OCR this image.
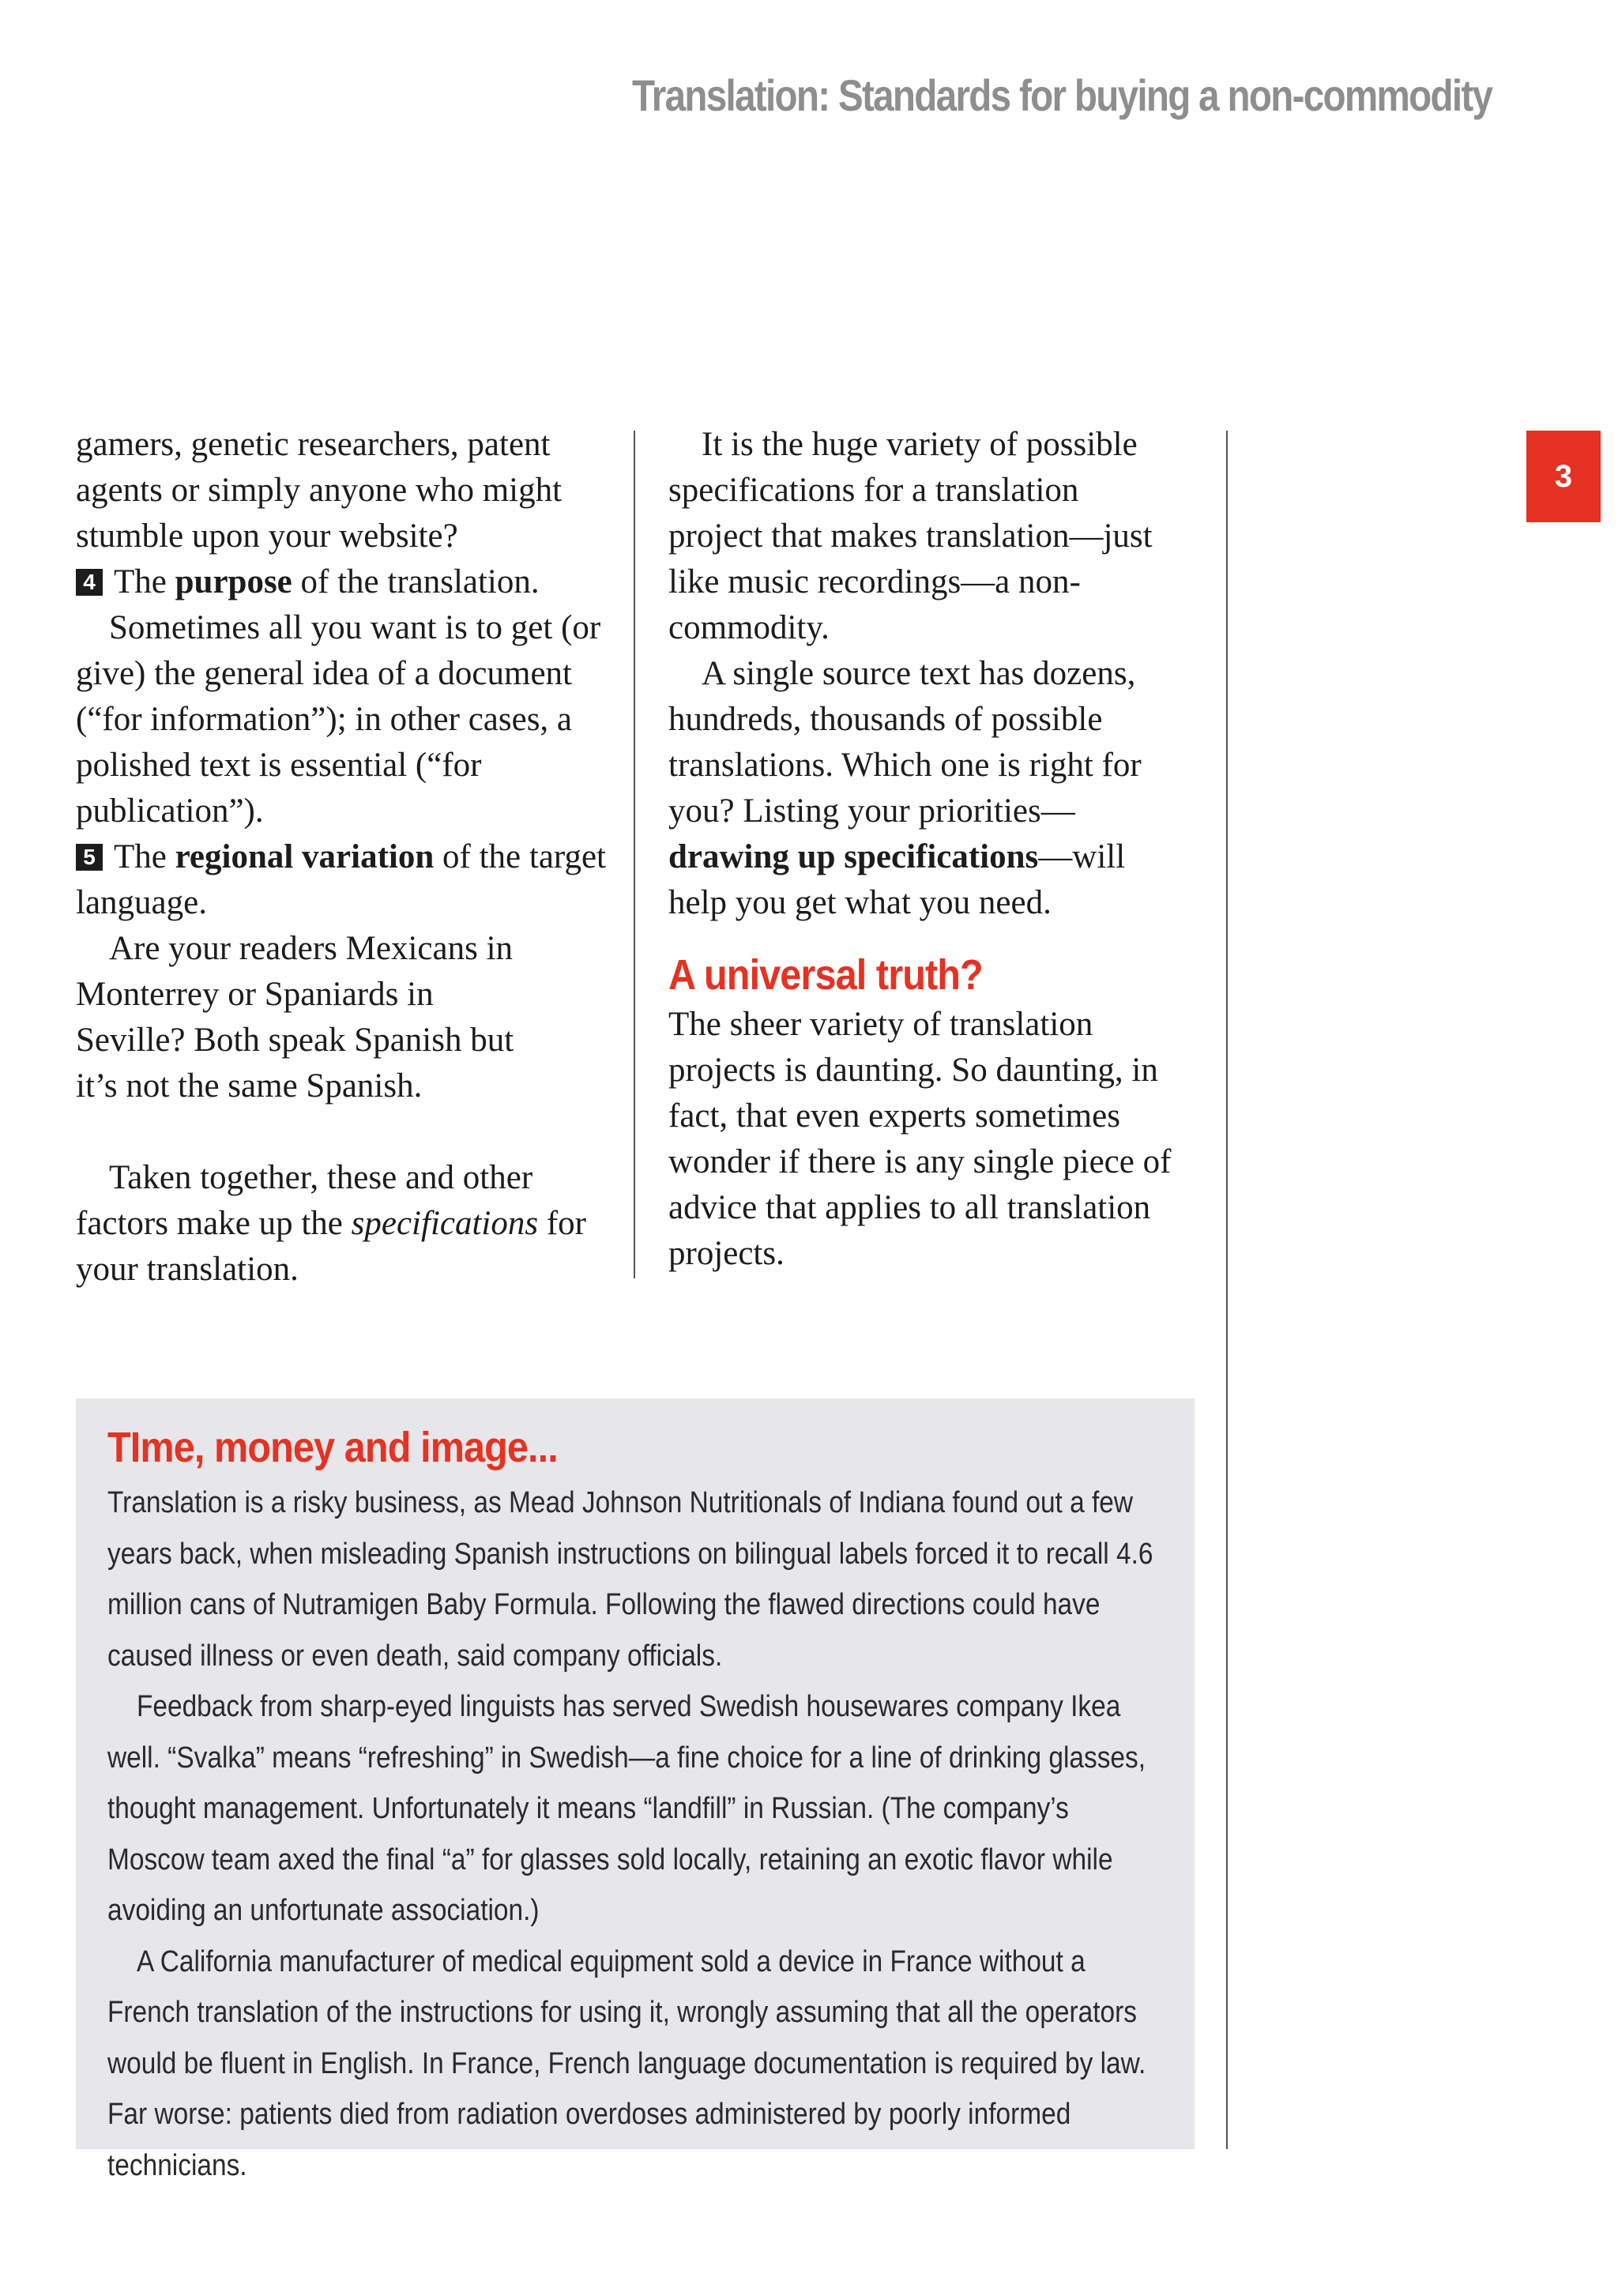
Translation: Standards for buying a non-commodity
3

gamers, genetic researchers, patent agents or simply anyone who might stumble upon your website?

4 The purpose of the translation.

Sometimes all you want is to get (or give) the general idea of a document (“for information”); in other cases, a polished text is essential (“for publication”).

5 The regional variation of the target language.

Are your readers Mexicans in Monterrey or Spaniards in Seville? Both speak Spanish but it’s not the same Spanish.

Taken together, these and other factors make up the specifications for your translation.

It is the huge variety of possible specifications for a translation project that makes translation—just like music recordings—a non-commodity.

A single source text has dozens, hundreds, thousands of possible translations. Which one is right for you? Listing your priorities—drawing up specifications—will help you get what you need.

A universal truth?

The sheer variety of translation projects is daunting. So daunting, in fact, that even experts sometimes wonder if there is any single piece of advice that applies to all translation projects.

TIme, money and image...

Translation is a risky business, as Mead Johnson Nutritionals of Indiana found out a few years back, when misleading Spanish instructions on bilingual labels forced it to recall 4.6 million cans of Nutramigen Baby Formula. Following the flawed directions could have caused illness or even death, said company officials.

Feedback from sharp-eyed linguists has served Swedish housewares company Ikea well. “Svalka” means “refreshing” in Swedish—a fine choice for a line of drinking glasses, thought management. Unfortunately it means “landfill” in Russian. (The company’s Moscow team axed the final “a” for glasses sold locally, retaining an exotic flavor while avoiding an unfortunate association.)

A California manufacturer of medical equipment sold a device in France without a French translation of the instructions for using it, wrongly assuming that all the operators would be fluent in English. In France, French language documentation is required by law. Far worse: patients died from radiation overdoses administered by poorly informed technicians.
